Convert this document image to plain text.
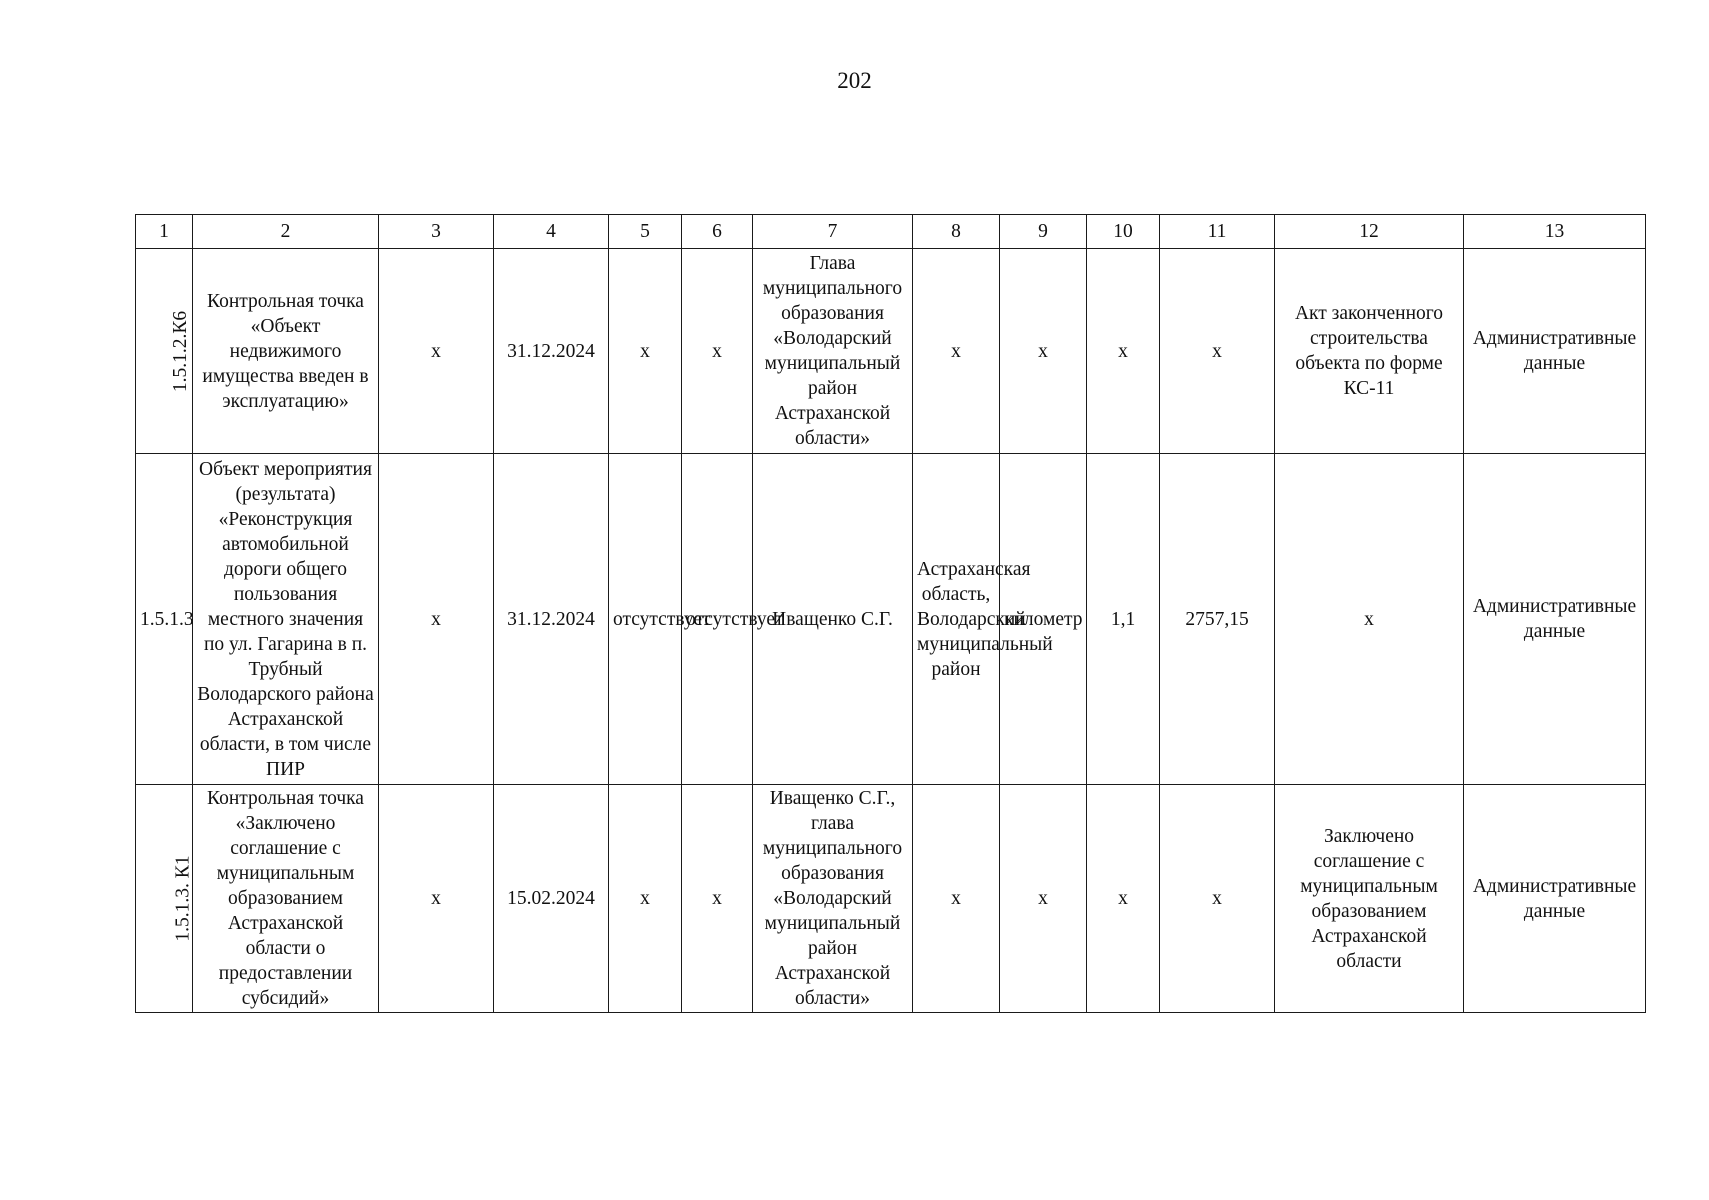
202
1	2	3	4	5	6	7	8	9	10	11	12	13
1.5.1.2.К6	Контрольная точка «Объект недвижимого имущества введен в эксплуатацию»	x	31.12.2024	x	x	Глава муниципального образования «Володарский муниципальный район Астраханской области»	x	x	x	x	Акт законченного строительства объекта по форме КС-11	Административные данные
1.5.1.3	Объект мероприятия (результата) «Реконструкция автомобильной дороги общего пользования местного значения по ул. Гагарина в п. Трубный Володарского района Астраханской области, в том числе ПИР	x	31.12.2024	отсутствует	отсутствует	Иващенко С.Г.	Астраханская область, Володарский муниципальный район	километр	1,1	2757,15	x	Административные данные
1.5.1.3. К1	Контрольная точка «Заключено соглашение с муниципальным образованием Астраханской области о предоставлении субсидий»	x	15.02.2024	x	x	Иващенко С.Г., глава муниципального образования «Володарский муниципальный район Астраханской области»	x	x	x	x	Заключено соглашение с муниципальным образованием Астраханской области	Административные данные
